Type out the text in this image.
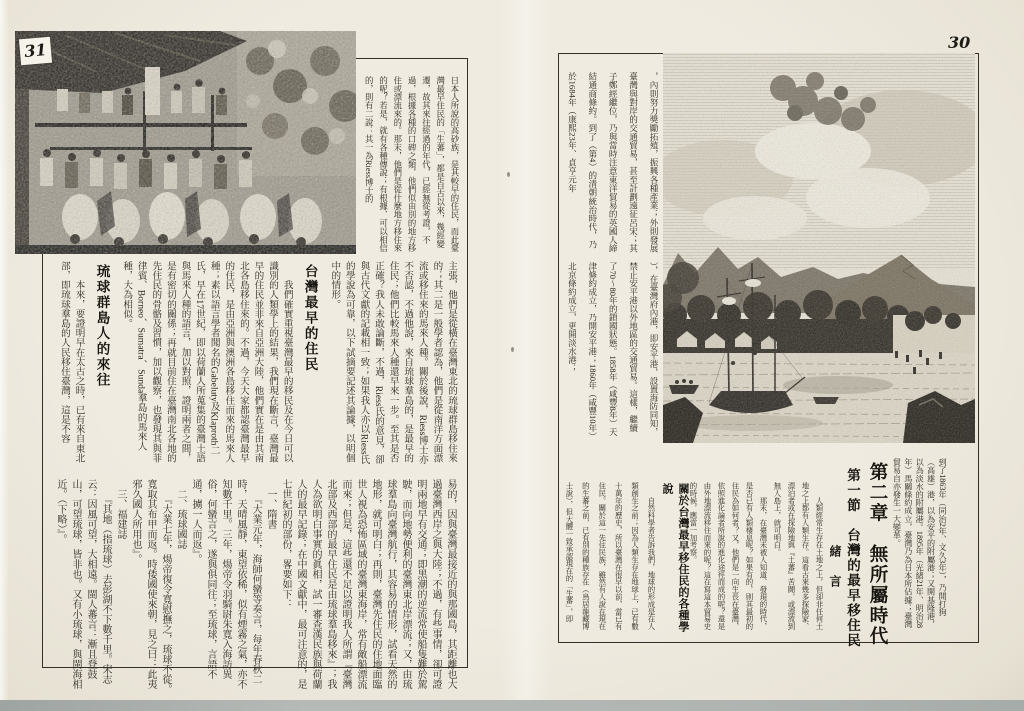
31
日本人所說的高砂族，是其較早的住民，而此臺灣最早住民的「生蕃」，都是自古以來，幾經變遷，故其來往經過的年代，已經無從考證，不過，根據各種的口碑之類，他們似由別的地方移住或漂流來的。那末，他們是從什麼地方移住來的呢？若是，就有各種傳說；有根據、可以相信的，則有二說：其一為Riess博士的
主張，他們是從橫在臺灣東北的琉球群島移住來的；其二是一般學者認為，他們是從南洋方面漂流或移住來的馬來人種。關於後說，Riess博士亦不否認，不過他說，來自琉球羣島的，是最早的住民；他們比較馬來人種還早來一步。至其是否正確？我人未敢論斷，不過，Riess氏的意見，卻與古代文獻的記載相一致；如果我人亦以Riess氏的學說為可靠，以下試摘要記述其論據，以明個中的情形。
台灣最早的住民
　　我們確實重視臺灣最早的移民及在今日可以識別的人類學上的結果，我們現在斷言，臺灣最早的住民並非來自亞洲大陸，他們實在是由其南北各島移住來的。不過，今天大家都認臺灣最早的住民，是由亞洲與澳洲各島移住而來的馬來人種；素以語言學者聞名的Gabeluty及Klaproth二氏，早在17世紀，即以荷蘭人所蒐集的臺灣土語與馬來人種的語言，加以對照，證明兩者之間，是有密切的關係；再就目前住在臺灣南北各地的先住民的骨骼及習慣，加以觀察，也發現其與菲律賓、Borneo、Sumatra、Sunda羣島的馬來人種，大為相似。
琉球群島人的來往
　　本來，要證明早在太古之時，已有來自東北部，即琉球羣島的人民移住臺灣，這是不容
易的，因與臺灣最接近的與那國島，其距離也大過臺灣西岸之與大陸；不過，有些事情，卻可證明兩地早有交通；即黑潮的逆流常使船隻難於駕駛，而向地勢便利的臺灣東北岸漂流；又，由琉球羣島向臺灣航行，其容易的情形，試看天然的地形，就可明白；再則，臺灣先住民的住地面臨世人視為恐怖區域的臺灣東海岸，常有敵船漂流而來；但是，這些還不足以證明我人所謂『臺灣北部及西部的最早住民是由琉球羣島移來』；我人為欲明白事實的眞相，試一審查漢民族與荷蘭人的最早記錄；在中國文獻中，最可注意的，是七世紀初的部份，畧要如下：
　一、隋書
　　『大業元年，海師何蠻等奏言，每年春秋二時，天晴風靜，東望依稀，似有煙霧之氣，亦不知數千里。三年，煬帝令羽騎尉朱寬入海訪異俗，何蠻言之，遂與俱同往；至琉球，言語不通，擄一人而返』。
　二、琉球國誌
　　『大業七年，煬帝復令寬慰撫之，琉球不從。寬取其布甲而返。時倭國使來朝，見之曰：此夷邪久國人所用也』。
　三、福建誌
　　『其地（指琉球）去彭湖不下數千里。宋志云：因風可望，大相遠。閩人蕃言：漸且登鼓山，可望琉球，皆非也。又有小琉球，與閩海相近。（下略）』。
30
，內則努力獎勵拓殖，振興各種產業；外則發展臺灣與對岸的交通貿易，甚至計劃遠征呂宋；其子鄭經繼位，乃與當時注意東洋貿易的英國人締結通商條約。到了（第4）的清朝統治時代，乃於1684年（康熙23年、貞亨元年
），在臺灣府內港，即安平港，設置海防同知，禁止安平港以外地區的交通貿易。這樣，繼續了70～80年的鎖國狀態。1858年（咸豐8年）天津條約成立，乃開安平港；1860年（咸豐10年）北京條約成立，更開淡水港；
到了1863年（同治2年、文久3年），乃開打狗（高雄）港，以為安平的附屬港；又開基隆港，以為淡水的附屬港。1895年（光緒21年、明治28年）馬關條約成立，臺灣乃為日本所佔據；臺灣貿易自亦發生一大變革。
第二章　無所屬時代
第一節　台灣的最早移住民
緒　言
　　人類經常生存在土地之上，但卻非任何土地之上都有人類生存。這看古來幾多探險家、漂泊者或在探險地與『土蕃』苦鬪，或漂流到無人島上，就可明白。
　　那末，在臺灣未被人知道、發現的時代，是否已有人類棲息呢？如果有的，則其最初的住民為如何者？又，他們是一向生長在臺灣，依照進化論者所說的進化途徑而成的呢？還是由外地漂流移住而來的呢？這在寫這本貿易史的時候，應當一加考察。
關於台灣最早移住民的各種學說
　　自然科學者告訴我們，地球的形成是在人類創生之前；因為人類生存在地球上，已有數十萬年的歷史，所以臺灣在很早以前，當已有住民。關於這一先住民族，雖然有人說在現在的生蕃之前，已有別的種族存在（鳥居龍藏博士說），但大體一致承認現在的「生蕃」，即
